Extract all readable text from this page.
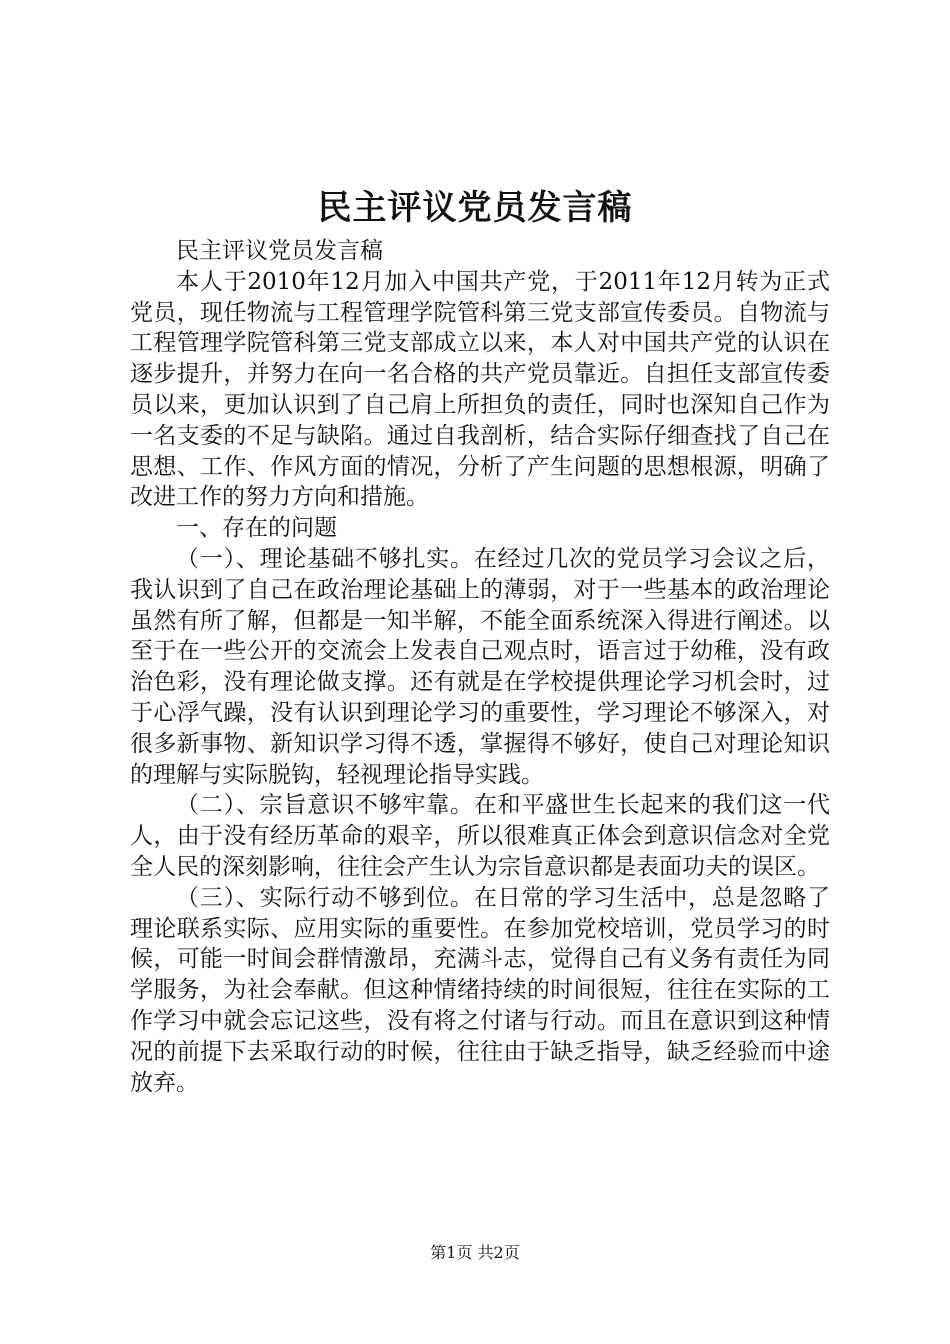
民主评议党员发言稿

民主评议党员发言稿

本人于2010年12月加入中国共产党，于2011年12月转为正式党员，现任物流与工程管理学院管科第三党支部宣传委员。自物流与工程管理学院管科第三党支部成立以来，本人对中国共产党的认识在逐步提升，并努力在向一名合格的共产党员靠近。自担任支部宣传委员以来，更加认识到了自己肩上所担负的责任，同时也深知自己作为一名支委的不足与缺陷。通过自我剖析，结合实际仔细查找了自己在思想、工作、作风方面的情况，分析了产生问题的思想根源，明确了改进工作的努力方向和措施。

一、存在的问题

（一）、理论基础不够扎实。在经过几次的党员学习会议之后，我认识到了自己在政治理论基础上的薄弱，对于一些基本的政治理论虽然有所了解，但都是一知半解，不能全面系统深入得进行阐述。以至于在一些公开的交流会上发表自己观点时，语言过于幼稚，没有政治色彩，没有理论做支撑。还有就是在学校提供理论学习机会时，过于心浮气躁，没有认识到理论学习的重要性，学习理论不够深入，对很多新事物、新知识学习得不透，掌握得不够好，使自己对理论知识的理解与实际脱钩，轻视理论指导实践。

（二）、宗旨意识不够牢靠。在和平盛世生长起来的我们这一代人，由于没有经历革命的艰辛，所以很难真正体会到意识信念对全党全人民的深刻影响，往往会产生认为宗旨意识都是表面功夫的误区。

（三）、实际行动不够到位。在日常的学习生活中，总是忽略了理论联系实际、应用实际的重要性。在参加党校培训，党员学习的时候，可能一时间会群情激昂，充满斗志，觉得自己有义务有责任为同学服务，为社会奉献。但这种情绪持续的时间很短，往往在实际的工作学习中就会忘记这些，没有将之付诸与行动。而且在意识到这种情况的前提下去采取行动的时候，往往由于缺乏指导，缺乏经验而中途放弃。

第1页 共2页
